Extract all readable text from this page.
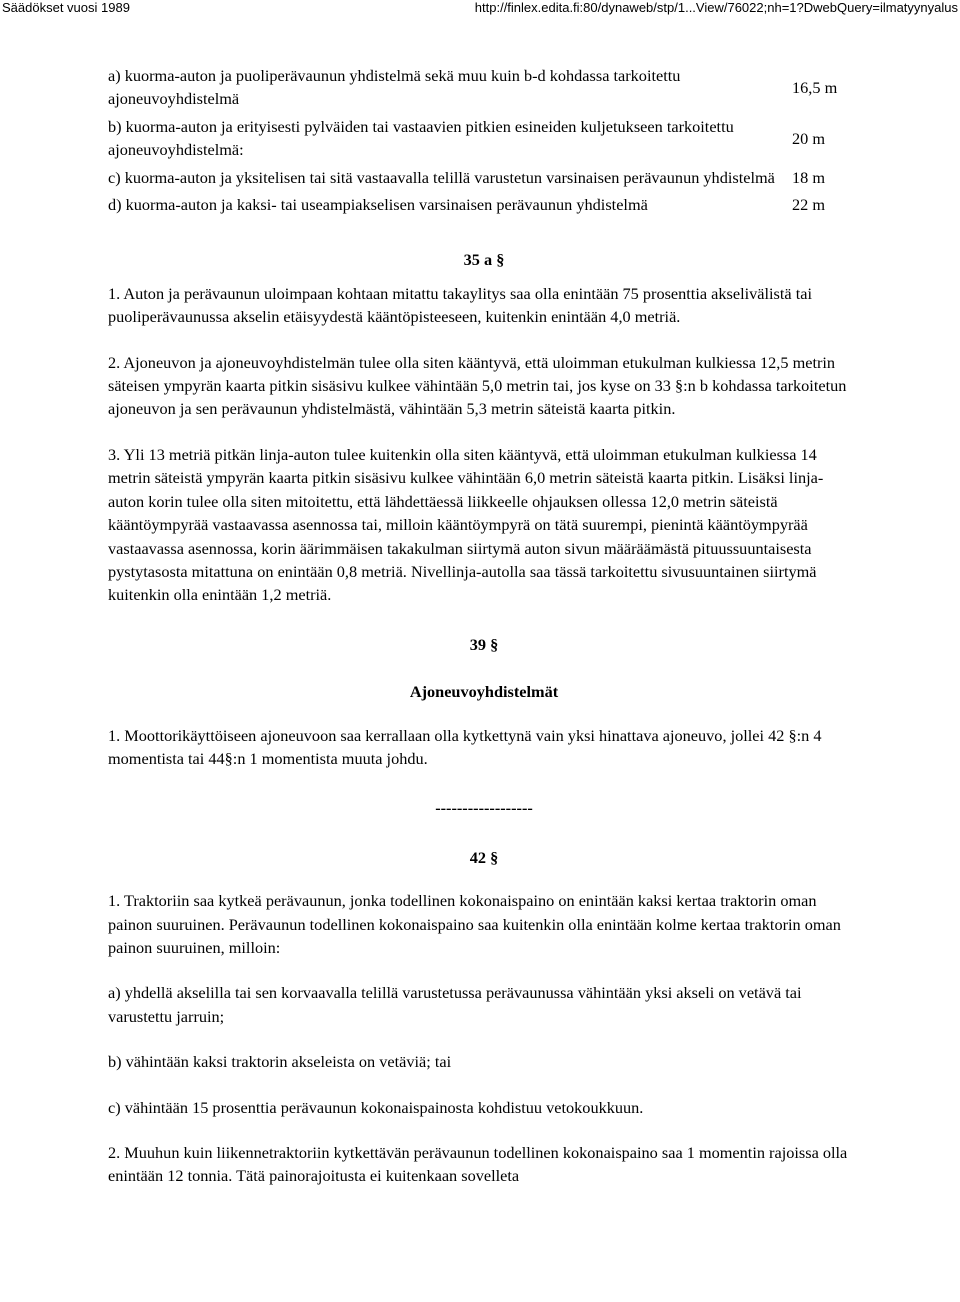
Säädökset vuosi 1989	http://finlex.edita.fi:80/dynaweb/stp/1...View/76022;nh=1?DwebQuery=ilmatyynyalus
a) kuorma-auton ja puoliperävaunun yhdistelmä sekä muu kuin b-d kohdassa tarkoitettu ajoneuvoyhdistelmä	16,5 m
b) kuorma-auton ja erityisesti pylväiden tai vastaavien pitkien esineiden kuljetukseen tarkoitettu ajoneuvoyhdistelmä:	20 m
c) kuorma-auton ja yksitelisen tai sitä vastaavalla telillä varustetun varsinaisen perävaunun yhdistelmä	18 m
d) kuorma-auton ja kaksi- tai useampiakselisen varsinaisen perävaunun yhdistelmä	22 m

35 a §

1. Auton ja perävaunun uloimpaan kohtaan mitattu takaylitys saa olla enintään 75 prosenttia akselivälistä tai puoliperävaunussa akselin etäisyydestä kääntöpisteeseen, kuitenkin enintään 4,0 metriä.

2. Ajoneuvon ja ajoneuvoyhdistelmän tulee olla siten kääntyvä, että uloimman etukulman kulkiessa 12,5 metrin säteisen ympyrän kaarta pitkin sisäsivu kulkee vähintään 5,0 metrin tai, jos kyse on 33 §:n b kohdassa tarkoitetun ajoneuvon ja sen perävaunun yhdistelmästä, vähintään 5,3 metrin säteistä kaarta pitkin.

3. Yli 13 metriä pitkän linja-auton tulee kuitenkin olla siten kääntyvä, että uloimman etukulman kulkiessa 14 metrin säteistä ympyrän kaarta pitkin sisäsivu kulkee vähintään 6,0 metrin säteistä kaarta pitkin. Lisäksi linja-auton korin tulee olla siten mitoitettu, että lähdettäessä liikkeelle ohjauksen ollessa 12,0 metrin säteistä kääntöympyrää vastaavassa asennossa tai, milloin kääntöympyrä on tätä suurempi, pienintä kääntöympyrää vastaavassa asennossa, korin äärimmäisen takakulman siirtymä auton sivun määräämästä pituussuuntaisesta pystytasosta mitattuna on enintään 0,8 metriä. Nivellinja-autolla saa tässä tarkoitettu sivusuuntainen siirtymä kuitenkin olla enintään 1,2 metriä.

39 §

Ajoneuvoyhdistelmät

1. Moottorikäyttöiseen ajoneuvoon saa kerrallaan olla kytkettynä vain yksi hinattava ajoneuvo, jollei 42 §:n 4 momentista tai 44§:n 1 momentista muuta johdu.

------------------

42 §

1. Traktoriin saa kytkeä perävaunun, jonka todellinen kokonaispaino on enintään kaksi kertaa traktorin oman painon suuruinen. Perävaunun todellinen kokonaispaino saa kuitenkin olla enintään kolme kertaa traktorin oman painon suuruinen, milloin:

a) yhdellä akselilla tai sen korvaavalla telillä varustetussa perävaunussa vähintään yksi akseli on vetävä tai varustettu jarruin;

b) vähintään kaksi traktorin akseleista on vetäviä; tai

c) vähintään 15 prosenttia perävaunun kokonaispainosta kohdistuu vetokoukkuun.

2. Muuhun kuin liikennetraktoriin kytkettävän perävaunun todellinen kokonaispaino saa 1 momentin rajoissa olla enintään 12 tonnia. Tätä painorajoitusta ei kuitenkaan sovelleta
